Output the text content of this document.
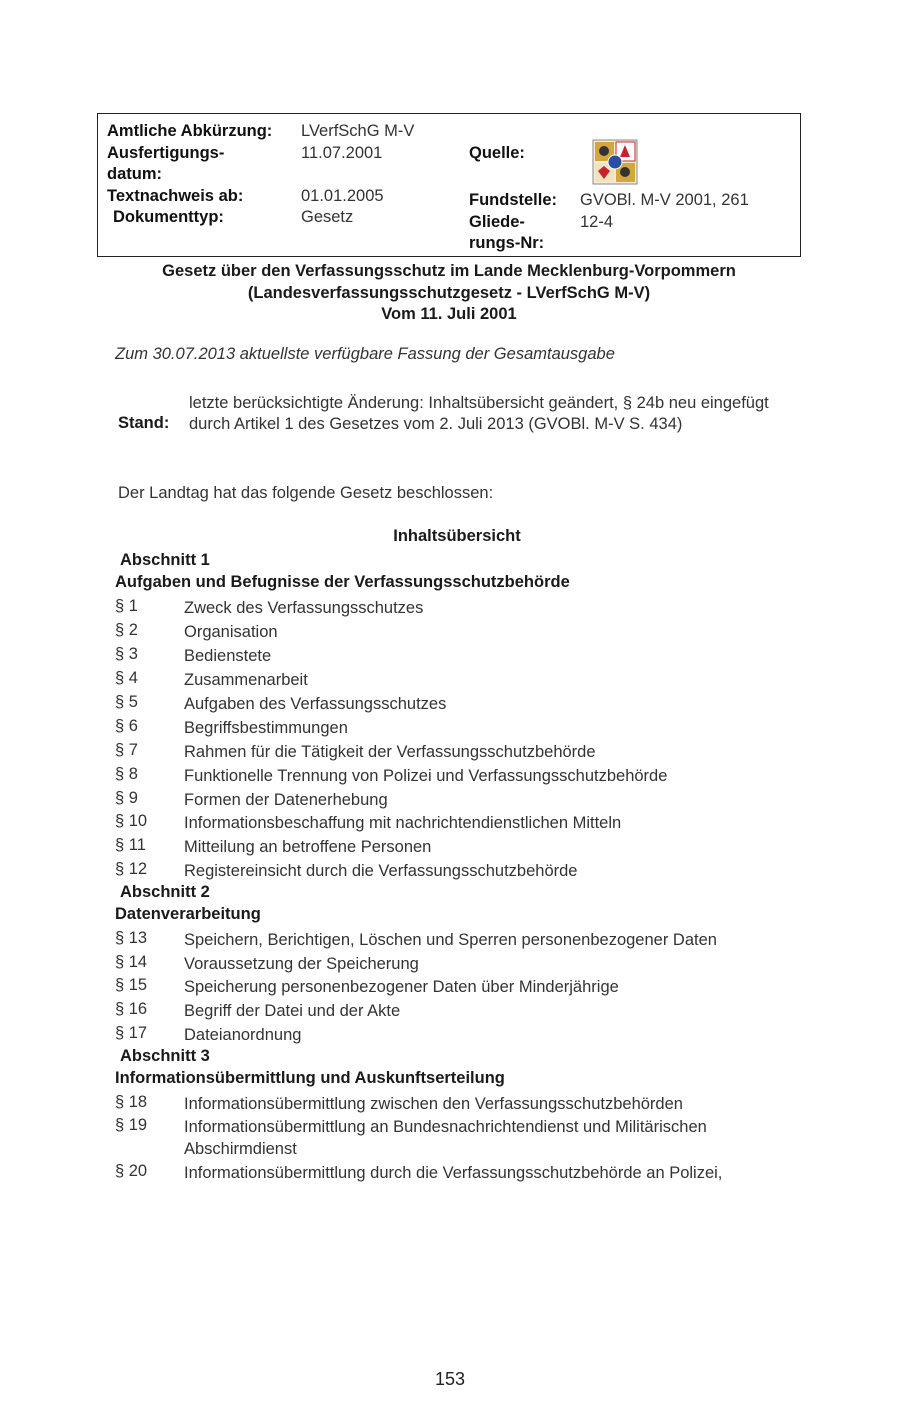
Amtliche Abkürzung: LVerfSchG M-V
Ausfertigungs-
datum:
11.07.2001
Textnachweis ab:	01.01.2005
Dokumenttyp:	Gesetz
Quelle:
Fundstelle: GVOBl. M-V 2001, 261
Gliede-
rungs-Nr:
12-4
Gesetz über den Verfassungsschutz im Lande Mecklenburg-Vorpommern
(Landesverfassungsschutzgesetz - LVerfSchG M-V)
Vom 11. Juli 2001
Zum 30.07.2013 aktuellste verfügbare Fassung der Gesamtausgabe
Stand:
letzte berücksichtigte Änderung: Inhaltsübersicht geändert, § 24b neu eingefügt durch Artikel 1 des Gesetzes vom 2. Juli 2013 (GVOBl. M-V S. 434)
Der Landtag hat das folgende Gesetz beschlossen:
Inhaltsübersicht
Abschnitt 1
Aufgaben und Befugnisse der Verfassungsschutzbehörde
§ 1	Zweck des Verfassungsschutzes
§ 2	Organisation
§ 3	Bedienstete
§ 4	Zusammenarbeit
§ 5	Aufgaben des Verfassungsschutzes
§ 6	Begriffsbestimmungen
§ 7	Rahmen für die Tätigkeit der Verfassungsschutzbehörde
§ 8	Funktionelle Trennung von Polizei und Verfassungsschutzbehörde
§ 9	Formen der Datenerhebung
§ 10 Informationsbeschaffung mit nachrichtendienstlichen Mitteln
§ 11 Mitteilung an betroffene Personen
§ 12 Registereinsicht durch die Verfassungsschutzbehörde
Abschnitt 2
Datenverarbeitung
§ 13 Speichern, Berichtigen, Löschen und Sperren personenbezogener Daten
§ 14 Voraussetzung der Speicherung
§ 15 Speicherung personenbezogener Daten über Minderjährige
§ 16 Begriff der Datei und der Akte
§ 17 Dateianordnung
Abschnitt 3
Informationsübermittlung und Auskunftserteilung
§ 18 Informationsübermittlung zwischen den Verfassungsschutzbehörden
§ 19 Informationsübermittlung an Bundesnachrichtendienst und Militärischen Abschirmdienst
§ 20 Informationsübermittlung durch die Verfassungsschutzbehörde an Polizei,
153
